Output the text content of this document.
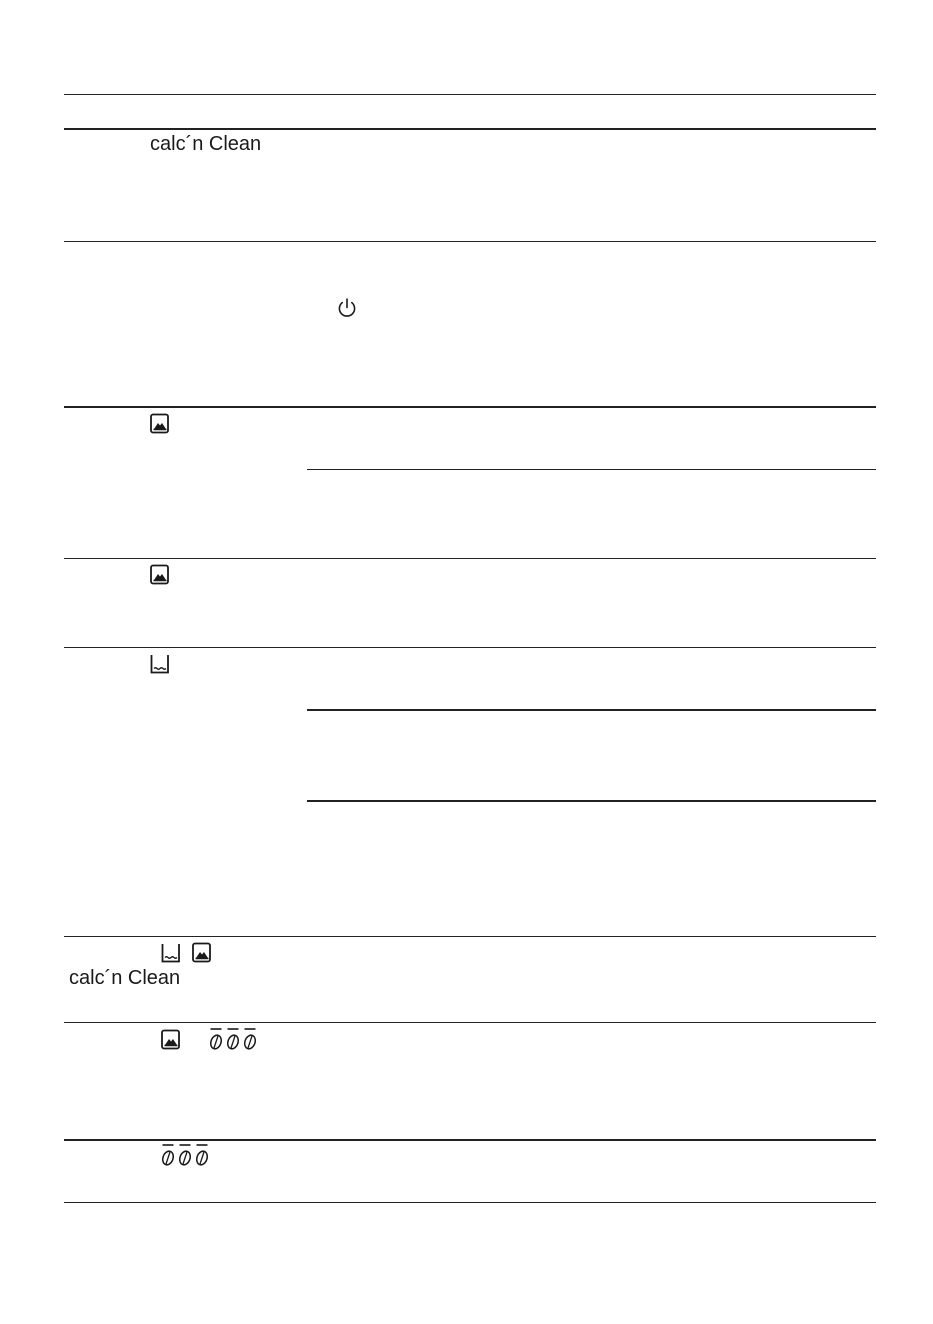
calc´n Clean
calc´n Clean
